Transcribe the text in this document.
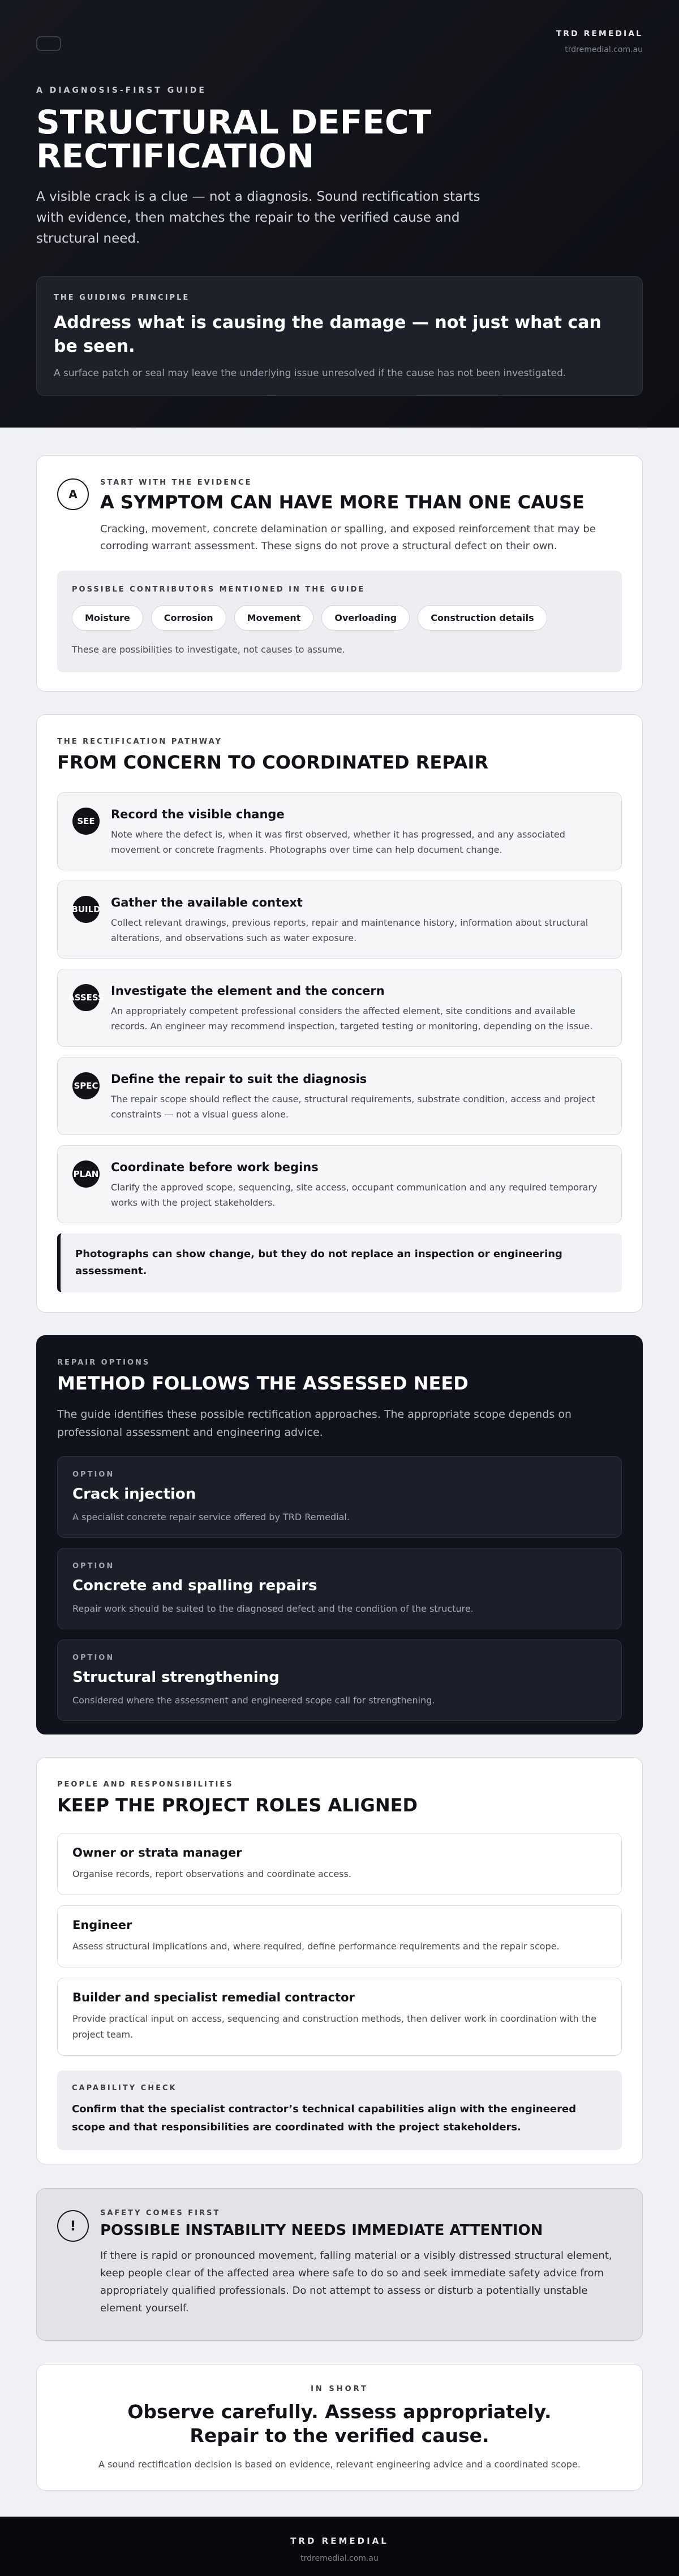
TRD REMEDIAL
trdremedial.com.au
A DIAGNOSIS-FIRST GUIDE
STRUCTURAL DEFECT RECTIFICATION

A visible crack is a clue — not a diagnosis. Sound rectification starts with evidence, then matches the repair to the verified cause and structural need.

THE GUIDING PRINCIPLE
Address what is causing the damage — not just what can be seen.
A surface patch or seal may leave the underlying issue unresolved if the cause has not been investigated.
A
START WITH THE EVIDENCE
A SYMPTOM CAN HAVE MORE THAN ONE CAUSE
Cracking, movement, concrete delamination or spalling, and exposed reinforcement that may be corroding warrant assessment. These signs do not prove a structural defect on their own.
POSSIBLE CONTRIBUTORS MENTIONED IN THE GUIDE
Moisture	Corrosion	Movement	Overloading	Construction details
These are possibilities to investigate, not causes to assume.
THE RECTIFICATION PATHWAY
FROM CONCERN TO COORDINATED REPAIR
SEE	Record the visible change
Note where the defect is, when it was first observed, whether it has progressed, and any associated movement or concrete fragments. Photographs over time can help document change.
BUILD Gather the available context
Collect relevant drawings, previous reports, repair and maintenance history, information about structural alterations, and observations such as water exposure.
ASSESS Investigate the element and the concern
An appropriately competent professional considers the affected element, site conditions and available records. An engineer may recommend inspection, targeted testing or monitoring, depending on the issue.
SPEC Define the repair to suit the diagnosis
The repair scope should reflect the cause, structural requirements, substrate condition, access and project constraints — not a visual guess alone.
PLAN Coordinate before work begins
Clarify the approved scope, sequencing, site access, occupant communication and any required temporary works with the project stakeholders.
Photographs can show change, but they do not replace an inspection or engineering assessment.
REPAIR OPTIONS
METHOD FOLLOWS THE ASSESSED NEED
The guide identifies these possible rectification approaches. The appropriate scope depends on professional assessment and engineering advice.
OPTION
Crack injection
A specialist concrete repair service offered by TRD Remedial.
OPTION
Concrete and spalling repairs
Repair work should be suited to the diagnosed defect and the condition of the structure.
OPTION
Structural strengthening
Considered where the assessment and engineered scope call for strengthening.
PEOPLE AND RESPONSIBILITIES
KEEP THE PROJECT ROLES ALIGNED
Owner or strata manager
Organise records, report observations and coordinate access.
Engineer
Assess structural implications and, where required, define performance requirements and the repair scope.
Builder and specialist remedial contractor
Provide practical input on access, sequencing and construction methods, then deliver work in coordination with the project team.
CAPABILITY CHECK
Confirm that the specialist contractor’s technical capabilities align with the engineered scope and that responsibilities are coordinated with the project stakeholders.
!
SAFETY COMES FIRST
POSSIBLE INSTABILITY NEEDS IMMEDIATE ATTENTION
If there is rapid or pronounced movement, falling material or a visibly distressed structural element, keep people clear of the affected area where safe to do so and seek immediate safety advice from appropriately qualified professionals. Do not attempt to assess or disturb a potentially unstable element yourself.
IN SHORT
Observe carefully. Assess appropriately.
Repair to the verified cause.
A sound rectification decision is based on evidence, relevant engineering advice and a coordinated scope.
TRD REMEDIAL
trdremedial.com.au
